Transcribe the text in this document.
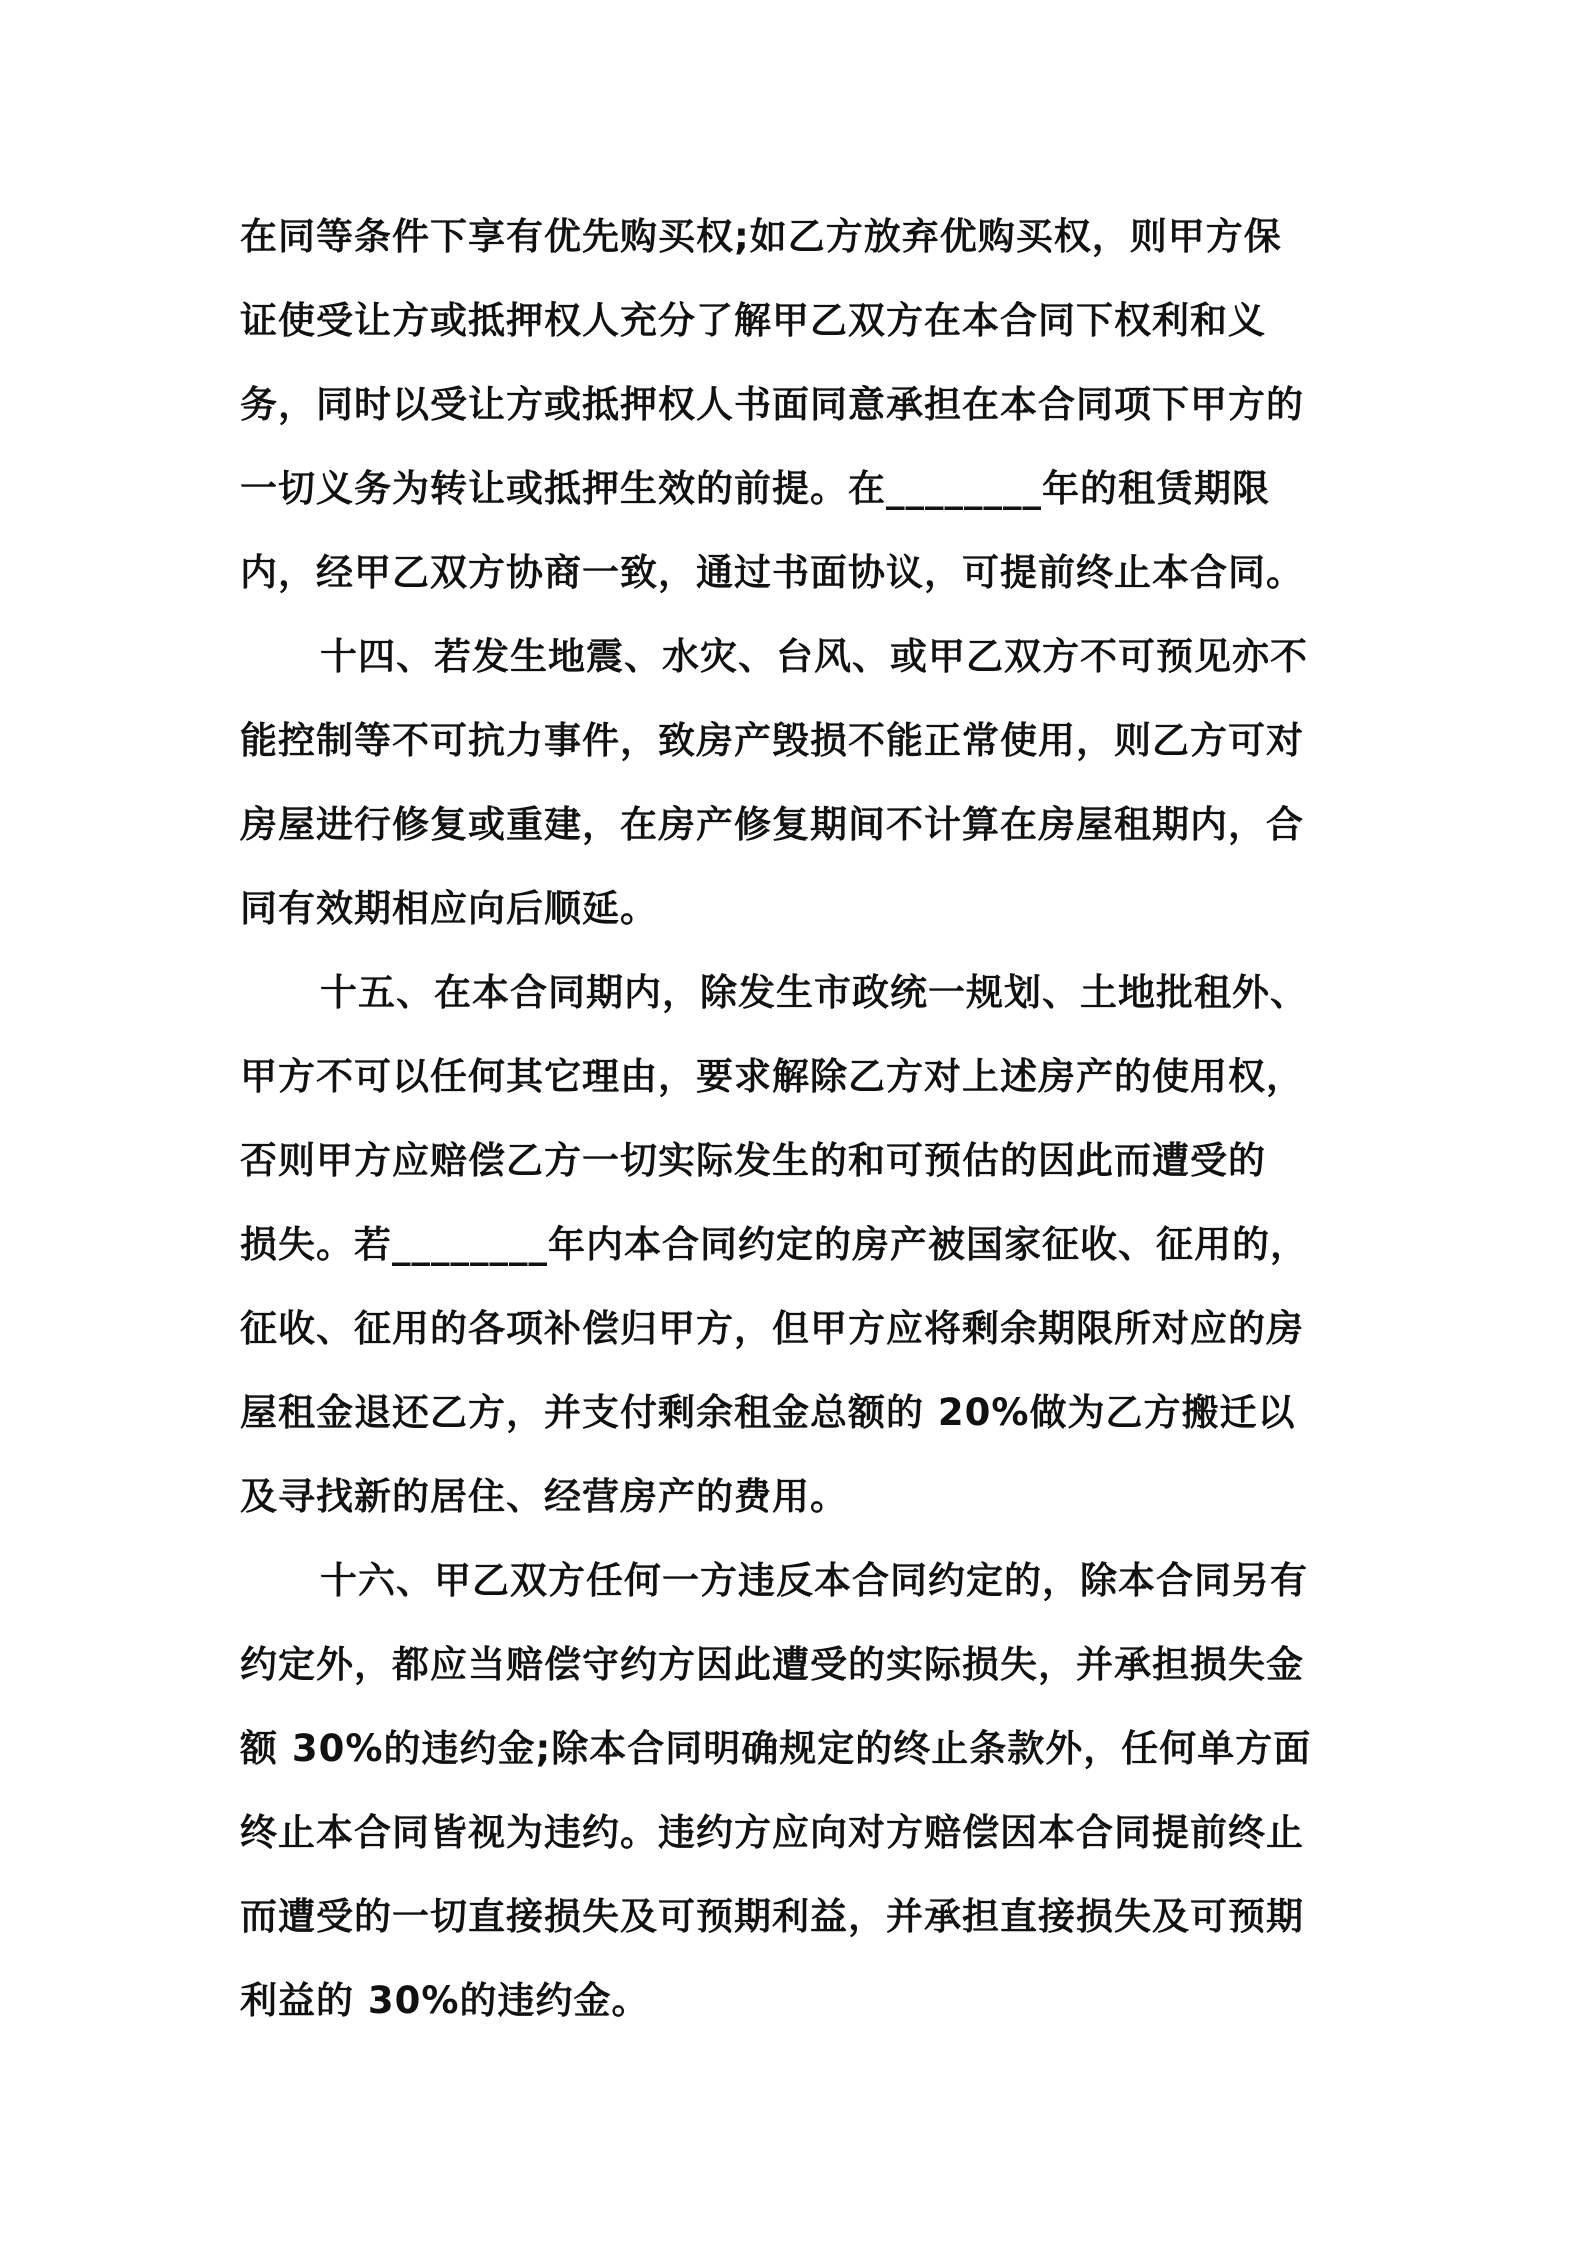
在同等条件下享有优先购买权;如乙方放弃优购买权，则甲方保
证使受让方或抵押权人充分了解甲乙双方在本合同下权利和义
务，同时以受让方或抵押权人书面同意承担在本合同项下甲方的
一切义务为转让或抵押生效的前提。在________年的租赁期限
内，经甲乙双方协商一致，通过书面协议，可提前终止本合同。
十四、若发生地震、水灾、台风、或甲乙双方不可预见亦不
能控制等不可抗力事件，致房产毁损不能正常使用，则乙方可对
房屋进行修复或重建，在房产修复期间不计算在房屋租期内，合
同有效期相应向后顺延。
十五、在本合同期内，除发生市政统一规划、土地批租外、
甲方不可以任何其它理由，要求解除乙方对上述房产的使用权，
否则甲方应赔偿乙方一切实际发生的和可预估的因此而遭受的
损失。若________年内本合同约定的房产被国家征收、征用的，
征收、征用的各项补偿归甲方，但甲方应将剩余期限所对应的房
屋租金退还乙方，并支付剩余租金总额的 20%做为乙方搬迁以
及寻找新的居住、经营房产的费用。
十六、甲乙双方任何一方违反本合同约定的，除本合同另有
约定外，都应当赔偿守约方因此遭受的实际损失，并承担损失金
额 30%的违约金;除本合同明确规定的终止条款外，任何单方面
终止本合同皆视为违约。违约方应向对方赔偿因本合同提前终止
而遭受的一切直接损失及可预期利益，并承担直接损失及可预期
利益的 30%的违约金。
